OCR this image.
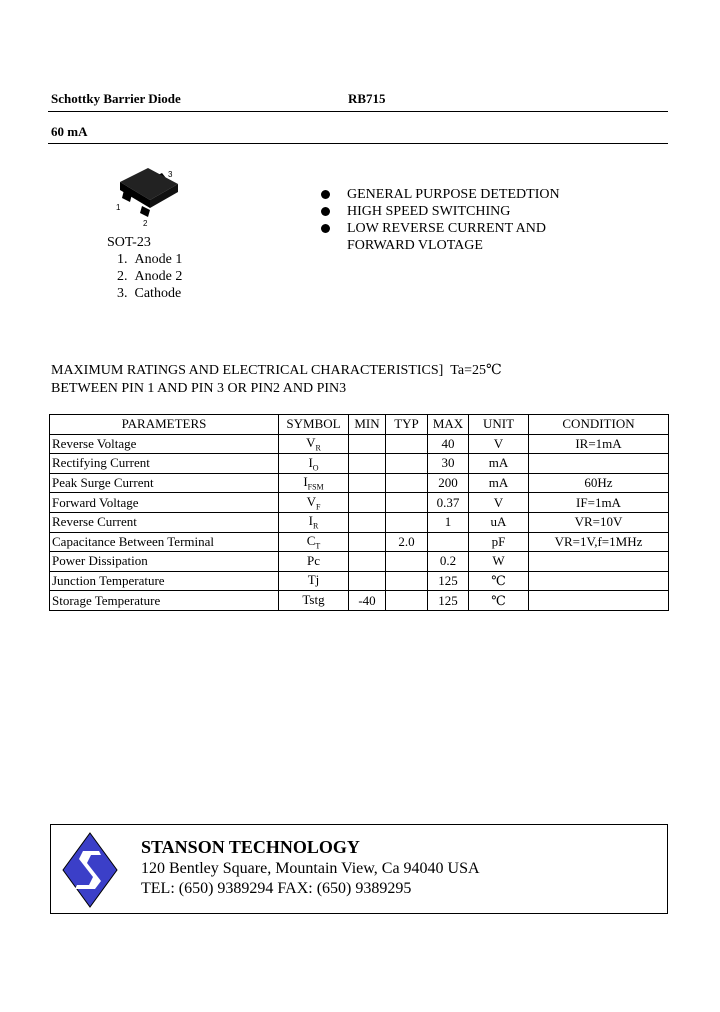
Schottky Barrier Diode	RB715
60 mA
3
1
2
SOT-23
1. Anode 1
2. Anode 2
3. Cathode
GENERAL PURPOSE DETEDTION
HIGH SPEED SWITCHING
LOW REVERSE CURRENT AND
FORWARD VLOTAGE
MAXIMUM RATINGS AND ELECTRICAL CHARACTERISTICS] Ta=25℃
BETWEEN PIN 1 AND PIN 3 OR PIN2 AND PIN3
PARAMETERS	SYMBOL	MIN	TYP	MAX	UNIT	CONDITION
Reverse Voltage	$V_R$			40	V	IR=1mA
Rectifying Current	$I_O$			30	mA	
Peak Surge Current	$I_{FSM}$			200	mA	60Hz
Forward Voltage	$V_F$			0.37	V	IF=1mA
Reverse Current	$I_R$			1	uA	VR=10V
Capacitance Between Terminal	$C_T$		2.0		pF	VR=1V,f=1MHz
Power Dissipation	Pc			0.2	W	
Junction Temperature	Tj			125	℃	
Storage Temperature	Tstg	-40		125	℃	
STANSON TECHNOLOGY
120 Bentley Square, Mountain View, Ca 94040 USA
TEL: (650) 9389294 FAX: (650) 9389295
